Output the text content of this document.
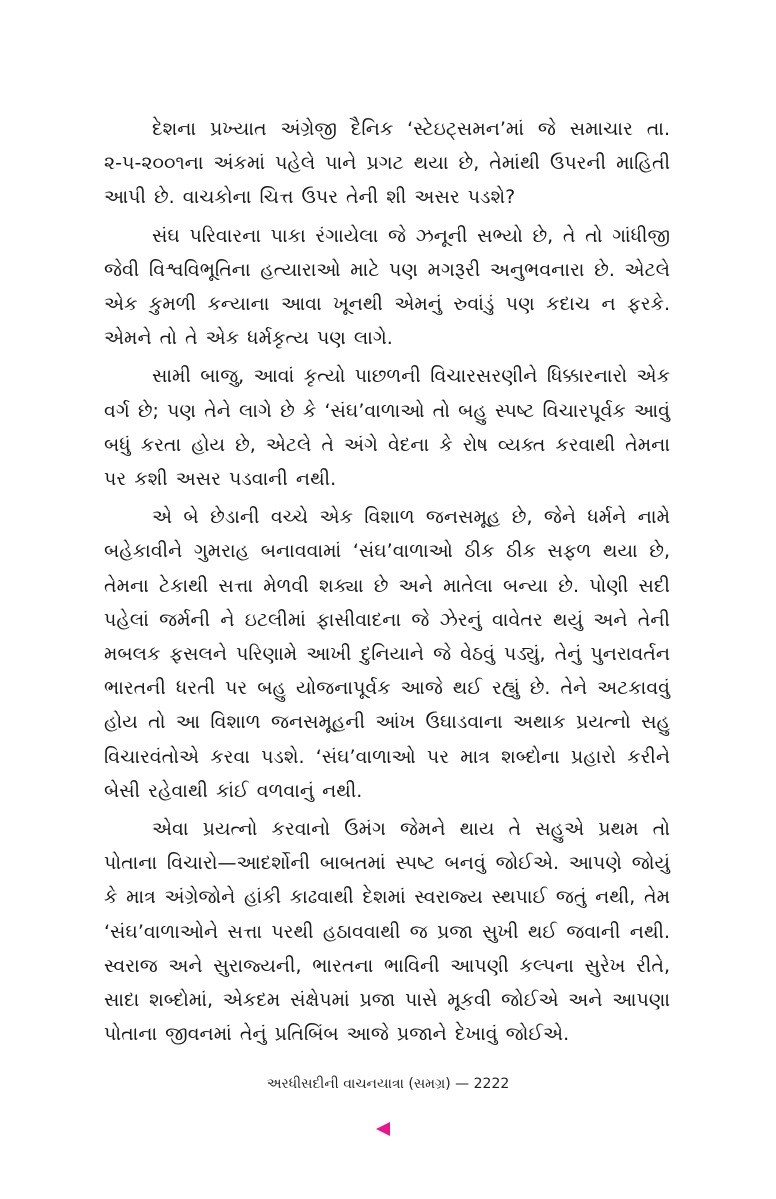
દેશના પ્રખ્યાત અંગ્રેજી દૈનિક ‘સ્ટેઇટ્સમન’માં જે સમાચાર તા. ૨-૫-૨૦૦૧ના અંકમાં પહેલે પાને પ્રગટ થયા છે, તેમાંથી ઉપરની માહિતી આપી છે. વાચકોના ચિત્ત ઉપર તેની શી અસર પડશે?

સંઘ પરિવારના પાકા રંગાયેલા જે ઝનૂની સભ્યો છે, તે તો ગાંધીજી જેવી વિશ્વવિભૂતિના હત્યારાઓ માટે પણ મગરૂરી અનુભવનારા છે. એટલે એક કુમળી કન્યાના આવા ખૂનથી એમનું રુવાંડું પણ કદાચ ન ફરકે. એમને તો તે એક ધર્મકૃત્ય પણ લાગે.

સામી બાજુ, આવાં કૃત્યો પાછળની વિચારસરણીને ધિક્કારનારો એક વર્ગ છે; પણ તેને લાગે છે કે ‘સંઘ’વાળાઓ તો બહુ સ્પષ્ટ વિચારપૂર્વક આવું બધું કરતા હોય છે, એટલે તે અંગે વેદના કે રોષ વ્યક્ત કરવાથી તેમના પર કશી અસર પડવાની નથી.

એ બે છેડાની વચ્ચે એક વિશાળ જનસમૂહ છે, જેને ધર્મને નામે બહેકાવીને ગુમરાહ બનાવવામાં ‘સંઘ’વાળાઓ ઠીક ઠીક સફળ થયા છે, તેમના ટેકાથી સત્તા મેળવી શક્યા છે અને માતેલા બન્યા છે. પોણી સદી પહેલાં જર્મની ને ઇટલીમાં ફાસીવાદના જે ઝેરનું વાવેતર થયું અને તેની મબલક ફસલને પરિણામે આખી દુનિયાને જે વેઠવું પડ્યું, તેનું પુનરાવર્તન ભારતની ધરતી પર બહુ યોજનાપૂર્વક આજે થઈ રહ્યું છે. તેને અટકાવવું હોય તો આ વિશાળ જનસમૂહની આંખ ઉઘાડવાના અથાક પ્રયત્નો સહુ વિચારવંતોએ કરવા પડશે. ‘સંઘ’વાળાઓ પર માત્ર શબ્દોના પ્રહારો કરીને બેસી રહેવાથી કાંઈ વળવાનું નથી.

એવા પ્રયત્નો કરવાનો ઉમંગ જેમને થાય તે સહુએ પ્રથમ તો પોતાના વિચારો—આદર્શોની બાબતમાં સ્પષ્ટ બનવું જોઈએ. આપણે જોયું કે માત્ર અંગ્રેજોને હાંકી કાઢવાથી દેશમાં સ્વરાજ્ય સ્થપાઈ જતું નથી, તેમ ‘સંઘ’વાળાઓને સત્તા પરથી હઠાવવાથી જ પ્રજા સુખી થઈ જવાની નથી. સ્વરાજ અને સુરાજ્યની, ભારતના ભાવિની આપણી કલ્પના સુરેખ રીતે, સાદા શબ્દોમાં, એકદમ સંક્ષેપમાં પ્રજા પાસે મૂકવી જોઈએ અને આપણા પોતાના જીવનમાં તેનું પ્રતિબિંબ આજે પ્રજાને દેખાવું જોઈએ.

અરધીસદીની વાચનયાત્રા (સમગ્ર) — 2222
